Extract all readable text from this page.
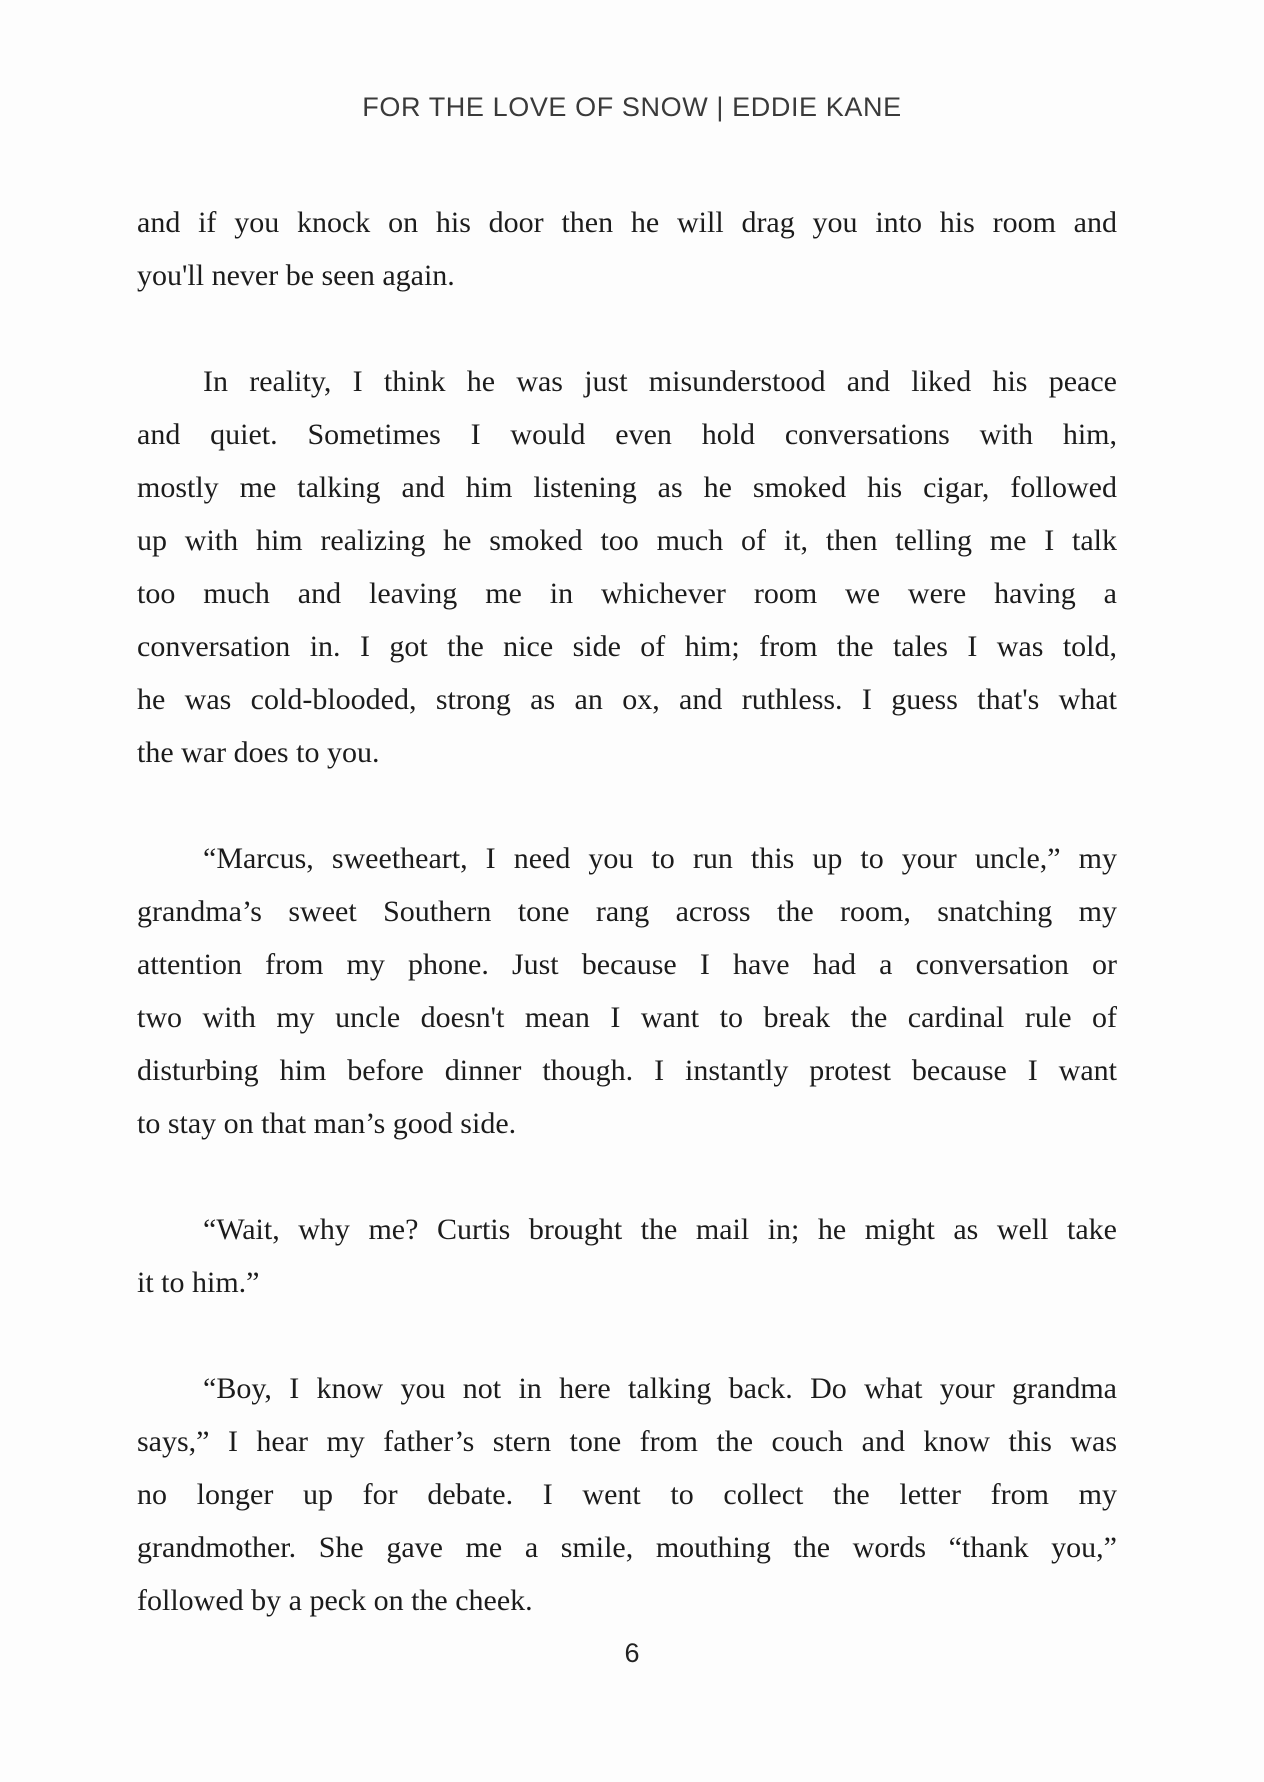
FOR THE LOVE OF SNOW | EDDIE KANE
and if you knock on his door then he will drag you into his room and
you'll never be seen again.
In reality, I think he was just misunderstood and liked his peace
and quiet. Sometimes I would even hold conversations with him,
mostly me talking and him listening as he smoked his cigar, followed
up with him realizing he smoked too much of it, then telling me I talk
too much and leaving me in whichever room we were having a
conversation in. I got the nice side of him; from the tales I was told,
he was cold-blooded, strong as an ox, and ruthless. I guess that's what
the war does to you.
“Marcus, sweetheart, I need you to run this up to your uncle,” my
grandma’s sweet Southern tone rang across the room, snatching my
attention from my phone. Just because I have had a conversation or
two with my uncle doesn't mean I want to break the cardinal rule of
disturbing him before dinner though. I instantly protest because I want
to stay on that man’s good side.
“Wait, why me? Curtis brought the mail in; he might as well take
it to him.”
“Boy, I know you not in here talking back. Do what your grandma
says,” I hear my father’s stern tone from the couch and know this was
no longer up for debate. I went to collect the letter from my
grandmother. She gave me a smile, mouthing the words “thank you,”
followed by a peck on the cheek.
6
